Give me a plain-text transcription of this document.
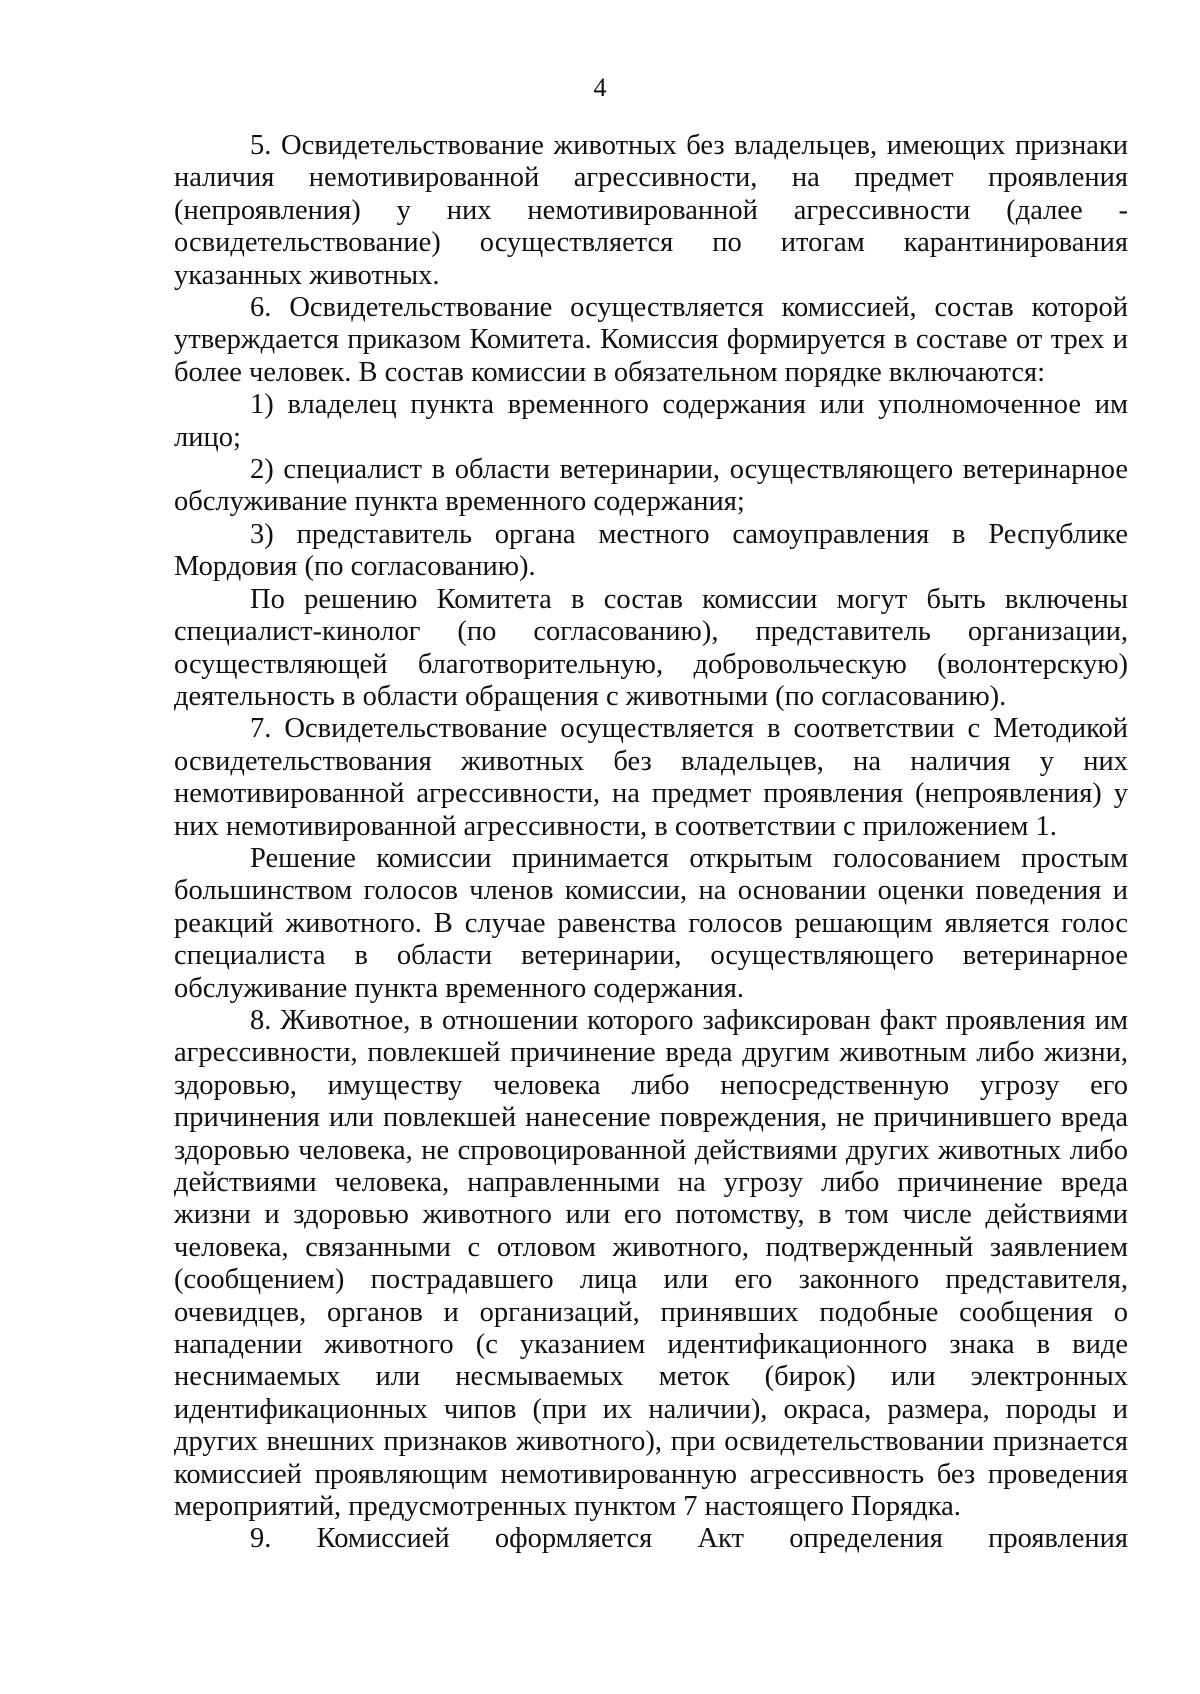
4

5. Освидетельствование животных без владельцев, имеющих признаки наличия немотивированной агрессивности, на предмет проявления (непроявления) у них немотивированной агрессивности (далее - освидетельствование) осуществляется по итогам карантинирования указанных животных.

6. Освидетельствование осуществляется комиссией, состав которой утверждается приказом Комитета. Комиссия формируется в составе от трех и более человек. В состав комиссии в обязательном порядке включаются:

1) владелец пункта временного содержания или уполномоченное им лицо;

2) специалист в области ветеринарии, осуществляющего ветеринарное обслуживание пункта временного содержания;

3) представитель органа местного самоуправления в Республике Мордовия (по согласованию).

По решению Комитета в состав комиссии могут быть включены специалист-кинолог (по согласованию), представитель организации, осуществляющей благотворительную, добровольческую (волонтерскую) деятельность в области обращения с животными (по согласованию).

7. Освидетельствование осуществляется в соответствии с Методикой освидетельствования животных без владельцев, на наличия у них немотивированной агрессивности, на предмет проявления (непроявления) у них немотивированной агрессивности, в соответствии с приложением 1.

Решение комиссии принимается открытым голосованием простым большинством голосов членов комиссии, на основании оценки поведения и реакций животного. В случае равенства голосов решающим является голос специалиста в области ветеринарии, осуществляющего ветеринарное обслуживание пункта временного содержания.

8. Животное, в отношении которого зафиксирован факт проявления им агрессивности, повлекшей причинение вреда другим животным либо жизни, здоровью, имуществу человека либо непосредственную угрозу его причинения или повлекшей нанесение повреждения, не причинившего вреда здоровью человека, не спровоцированной действиями других животных либо действиями человека, направленными на угрозу либо причинение вреда жизни и здоровью животного или его потомству, в том числе действиями человека, связанными с отловом животного, подтвержденный заявлением (сообщением) пострадавшего лица или его законного представителя, очевидцев, органов и организаций, принявших подобные сообщения о нападении животного (с указанием идентификационного знака в виде неснимаемых или несмываемых меток (бирок) или электронных идентификационных чипов (при их наличии), окраса, размера, породы и других внешних признаков животного), при освидетельствовании признается комиссией проявляющим немотивированную агрессивность без проведения мероприятий, предусмотренных пунктом 7 настоящего Порядка.

9. Комиссией оформляется Акт определения проявления
